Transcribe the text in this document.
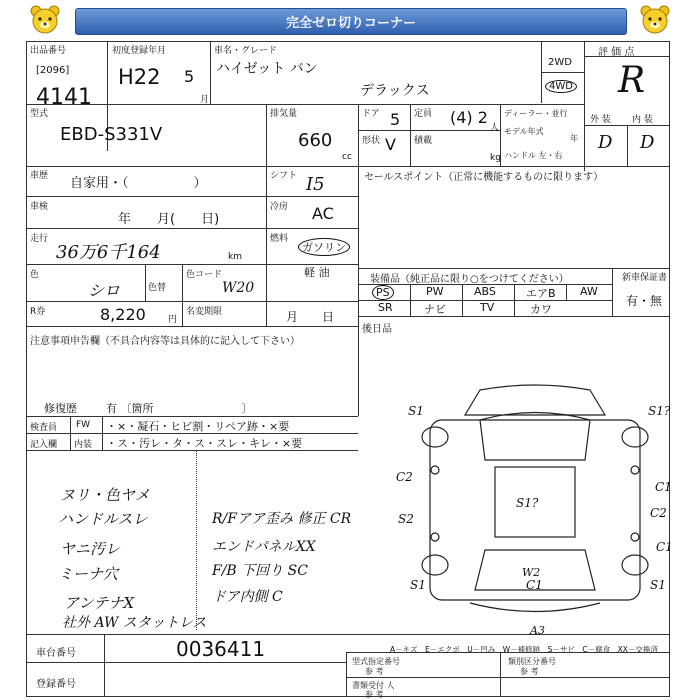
完全ゼロ切りコーナー
出品番号
[2096]
4141
初度登録年月
H22 5
月
車名・グレード
ハイゼット バン
デラックス
2WD
4WD
評 価 点
R
型式
EBD-S331V
排気量
660
cc
ドア 5 定員 (4) 2
人
形状 V 積載
kg
ディーラー・並行
モデル年式
年
ハンドル 左・右
外 装 内 装
D D
車歴 自家用・（　　　　　）
車検
年　　月(　　日)
走行
36万6千164	km
色
シロ	色替
色コード
W20
R券	8,220 円
名変期限	月　　日
シフト I5
冷房 AC
燃料
ガソリン
軽 油
セールスポイント（正常に機能するものに限ります）
装備品（純正品に限り○をつけてください）	新車保証書
有・無
PS	PW	ABS	エアB AW
SR	ナビ	TV	カワ
後日品
注意事項申告欄（不具合内容等は具体的に記入して下さい）
修復歴	有 〔箇所　　　　　　　　〕
検査員
記入欄
FW
内装
・×・凝石・ヒビ割・リペア跡・×要
・ス・汚レ・タ・ス・スレ・キレ・×要
ヌリ・色ヤメ
ハンドルスレ
ヤニ汚レ
ミーナ穴
アンテナX
社外 AW スタットレス
R/Fアア歪み 修正 CR
エンドパネルXX
F/B 下回り SC
ドア内側 C
S1	S1?
C2
C1
S2
S1?
C2
C1
W2
C1
S1	S1
A3
A－キズ　E－エクボ　U－凹み　W－補修跡　S－サビ　C－腐食　XX－交換済
車台番号	0036411
登録番号
型式指定番号
参 考
類別区分番号
参 考
書類受付 人
参 考
